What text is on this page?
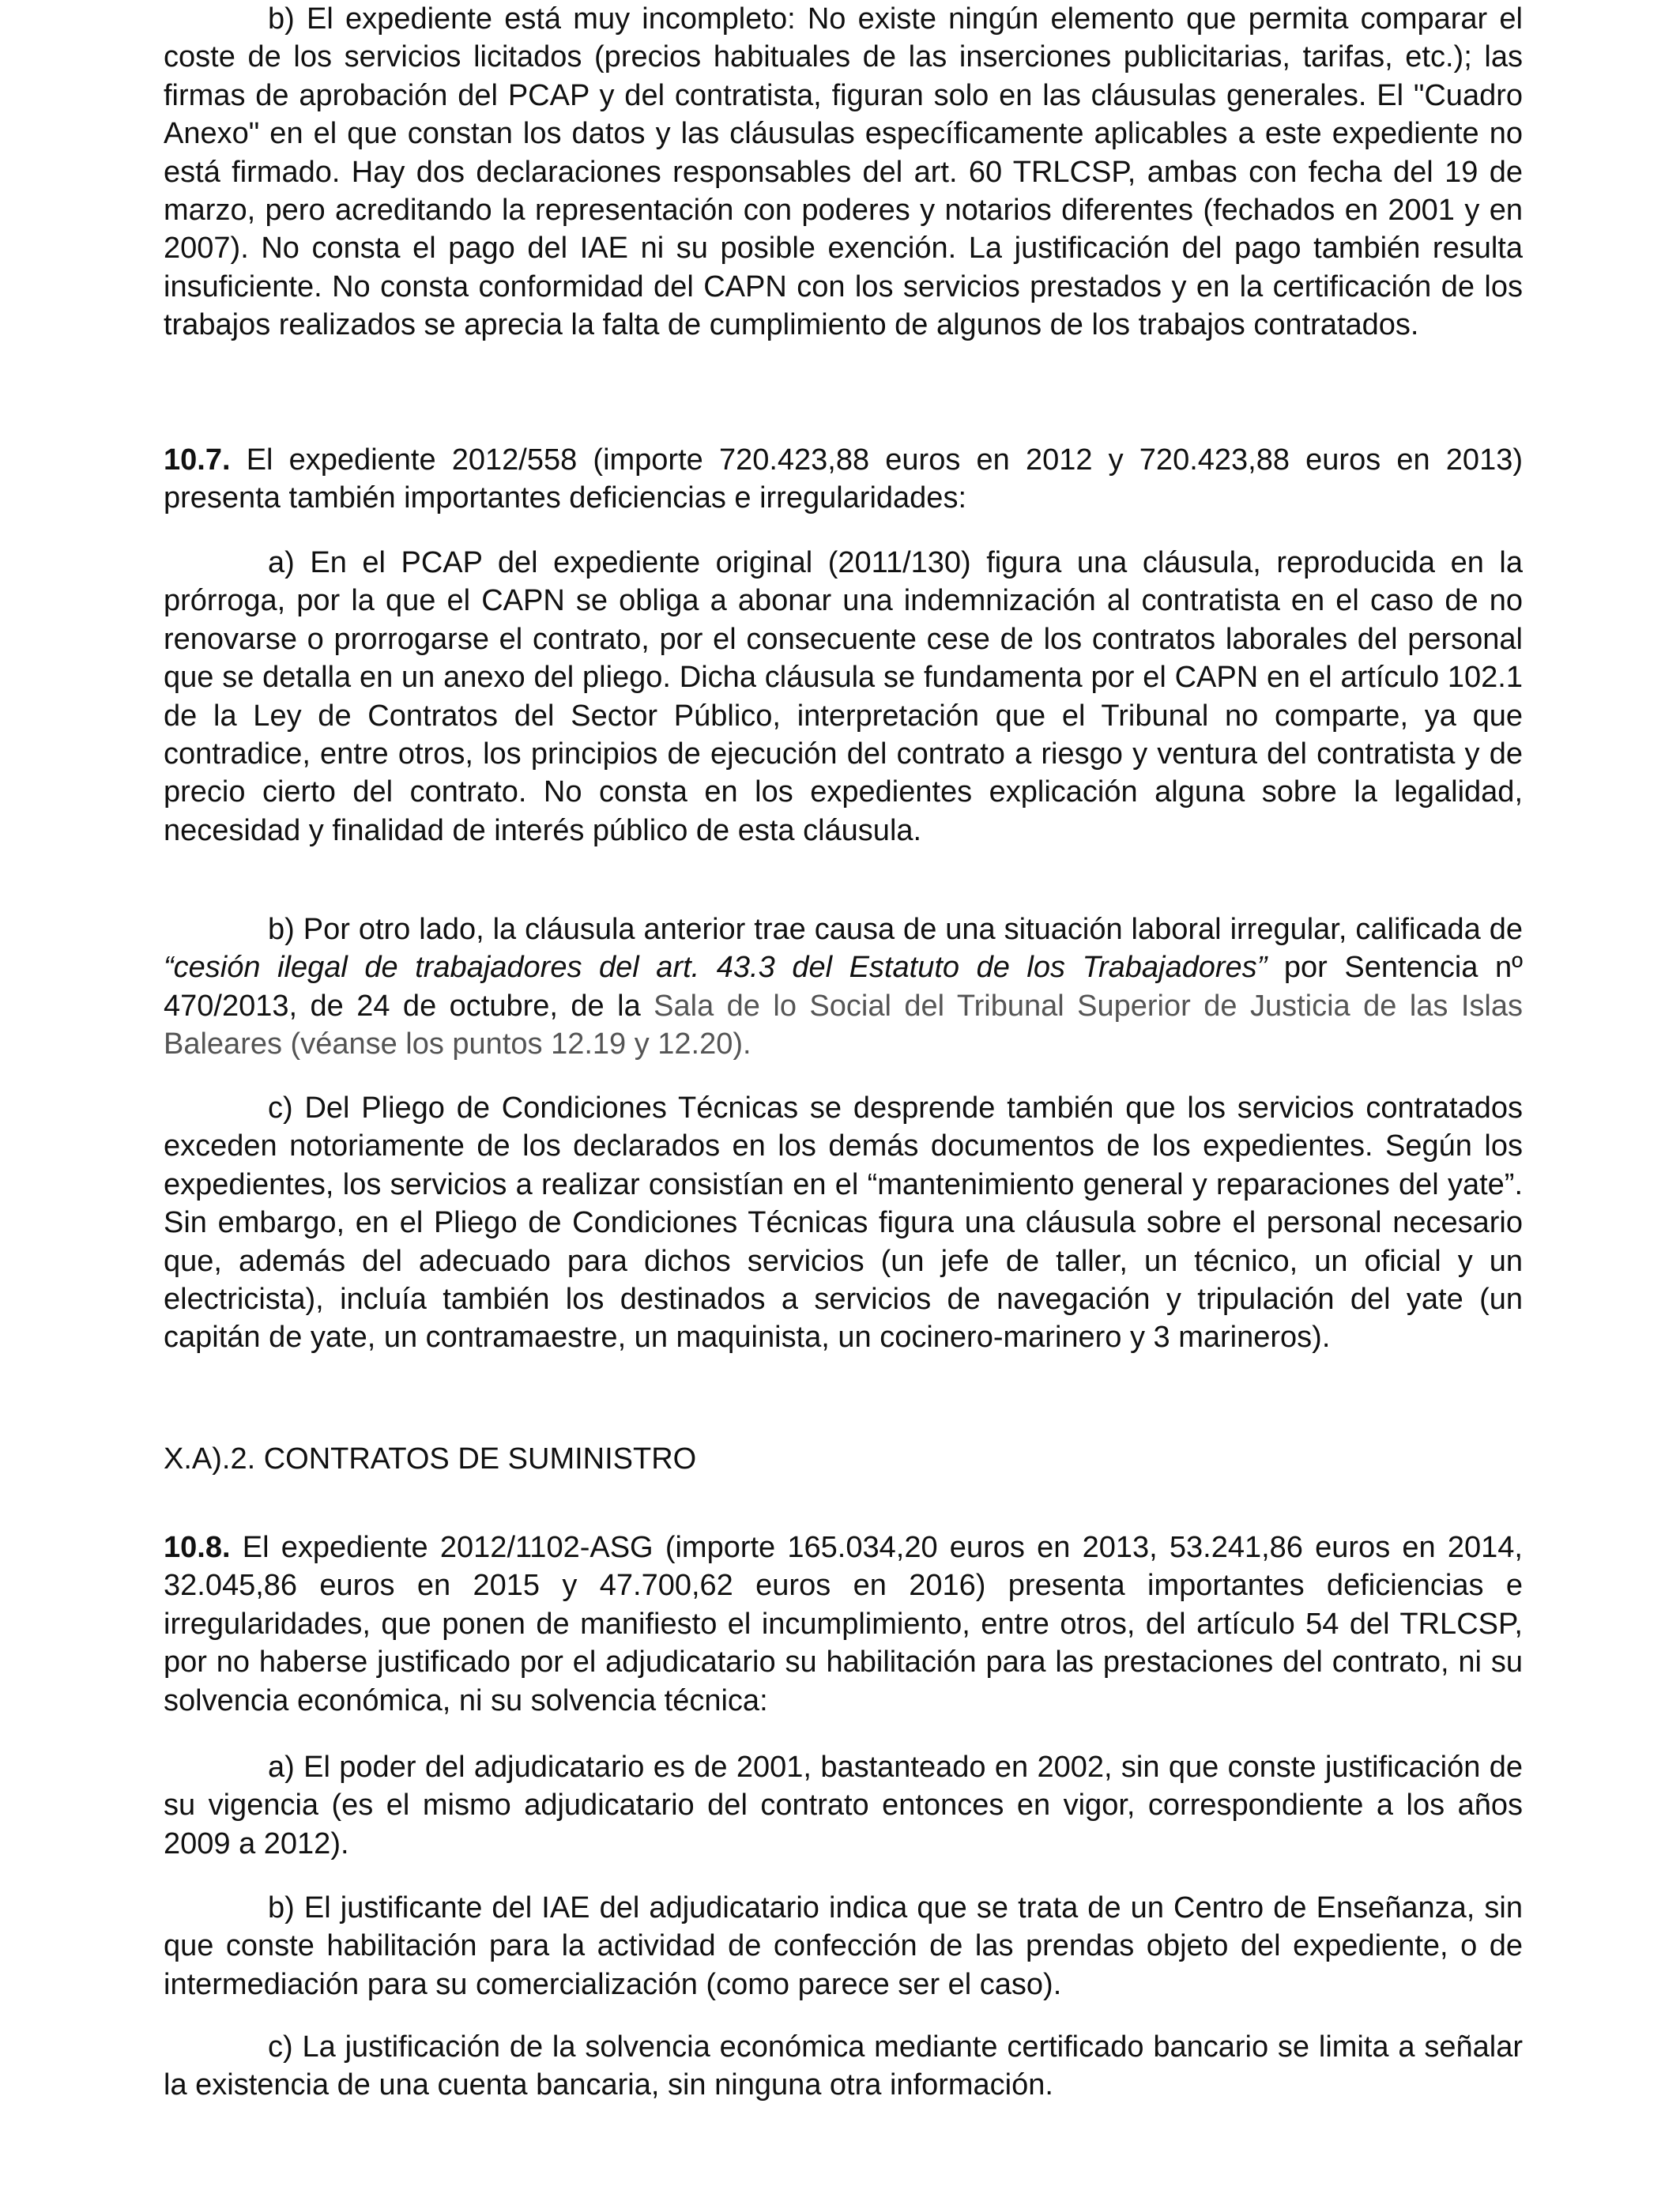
b) El expediente está muy incompleto: No existe ningún elemento que permita comparar el coste de los servicios licitados (precios habituales de las inserciones publicitarias, tarifas, etc.); las firmas de aprobación del PCAP y del contratista, figuran solo en las cláusulas generales. El "Cuadro Anexo" en el que constan los datos y las cláusulas específicamente aplicables a este expediente no está firmado. Hay dos declaraciones responsables del art. 60 TRLCSP, ambas con fecha del 19 de marzo, pero acreditando la representación con poderes y notarios diferentes (fechados en 2001 y en 2007). No consta el pago del IAE ni su posible exención. La justificación del pago también resulta insuficiente. No consta conformidad del CAPN con los servicios prestados y en la certificación de los trabajos realizados se aprecia la falta de cumplimiento de algunos de los trabajos contratados.

10.7. El expediente 2012/558 (importe 720.423,88 euros en 2012 y 720.423,88 euros en 2013) presenta también importantes deficiencias e irregularidades:

a) En el PCAP del expediente original (2011/130) figura una cláusula, reproducida en la prórroga, por la que el CAPN se obliga a abonar una indemnización al contratista en el caso de no renovarse o prorrogarse el contrato, por el consecuente cese de los contratos laborales del personal que se detalla en un anexo del pliego. Dicha cláusula se fundamenta por el CAPN en el artículo 102.1 de la Ley de Contratos del Sector Público, interpretación que el Tribunal no comparte, ya que contradice, entre otros, los principios de ejecución del contrato a riesgo y ventura del contratista y de precio cierto del contrato. No consta en los expedientes explicación alguna sobre la legalidad, necesidad y finalidad de interés público de esta cláusula.

b) Por otro lado, la cláusula anterior trae causa de una situación laboral irregular, calificada de “cesión ilegal de trabajadores del art. 43.3 del Estatuto de los Trabajadores” por Sentencia nº 470/2013, de 24 de octubre, de la Sala de lo Social del Tribunal Superior de Justicia de las Islas Baleares (véanse los puntos 12.19 y 12.20).

c) Del Pliego de Condiciones Técnicas se desprende también que los servicios contratados exceden notoriamente de los declarados en los demás documentos de los expedientes. Según los expedientes, los servicios a realizar consistían en el “mantenimiento general y reparaciones del yate”. Sin embargo, en el Pliego de Condiciones Técnicas figura una cláusula sobre el personal necesario que, además del adecuado para dichos servicios (un jefe de taller, un técnico, un oficial y un electricista), incluía también los destinados a servicios de navegación y tripulación del yate (un capitán de yate, un contramaestre, un maquinista, un cocinero-marinero y 3 marineros).

X.A).2. CONTRATOS DE SUMINISTRO

10.8. El expediente 2012/1102-ASG (importe 165.034,20 euros en 2013, 53.241,86 euros en 2014, 32.045,86 euros en 2015 y 47.700,62 euros en 2016) presenta importantes deficiencias e irregularidades, que ponen de manifiesto el incumplimiento, entre otros, del artículo 54 del TRLCSP, por no haberse justificado por el adjudicatario su habilitación para las prestaciones del contrato, ni su solvencia económica, ni su solvencia técnica:

a) El poder del adjudicatario es de 2001, bastanteado en 2002, sin que conste justificación de su vigencia (es el mismo adjudicatario del contrato entonces en vigor, correspondiente a los años 2009 a 2012).

b) El justificante del IAE del adjudicatario indica que se trata de un Centro de Enseñanza, sin que conste habilitación para la actividad de confección de las prendas objeto del expediente, o de intermediación para su comercialización (como parece ser el caso).

c) La justificación de la solvencia económica mediante certificado bancario se limita a señalar la existencia de una cuenta bancaria, sin ninguna otra información.
